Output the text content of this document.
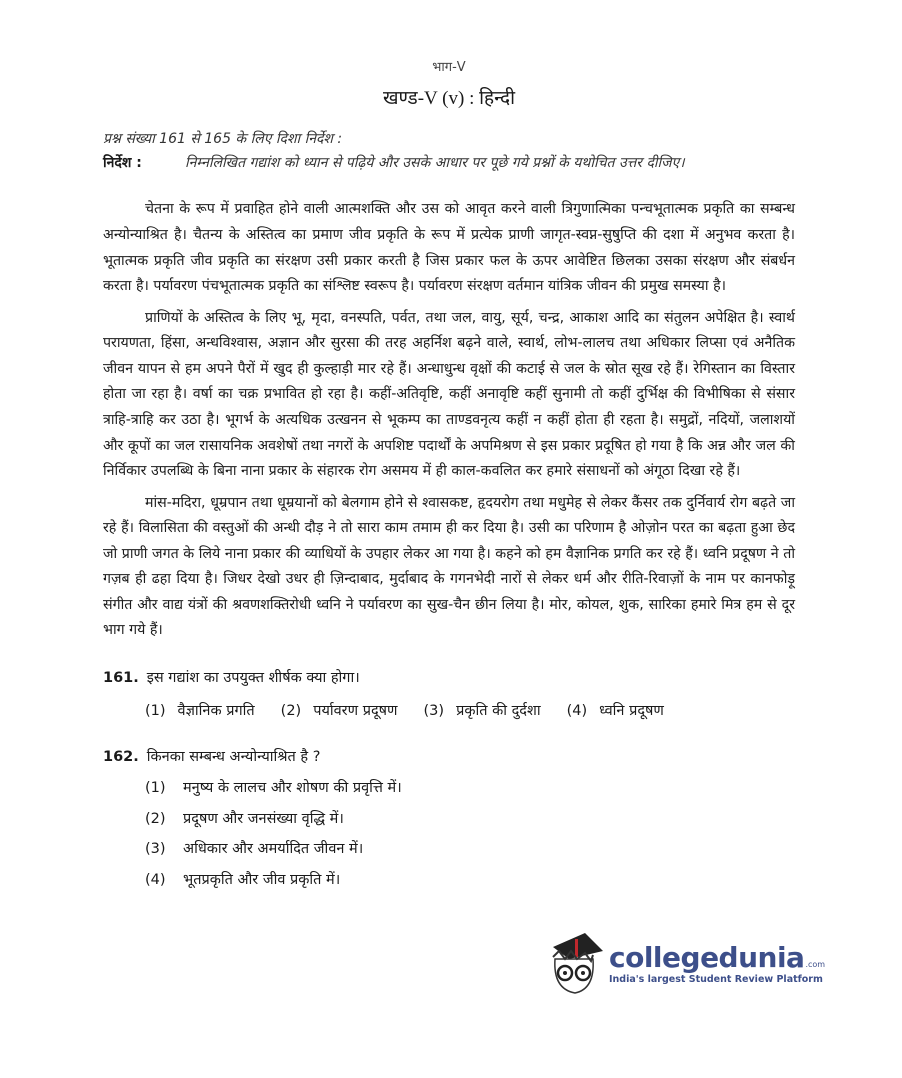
भाग-V
खण्ड-V (v) : हिन्दी
प्रश्न संख्या 161 से 165 के लिए दिशा निर्देश :
निर्देश :	निम्नलिखित गद्यांश को ध्यान से पढ़िये और उसके आधार पर पूछे गये प्रश्नों के यथोचित उत्तर दीजिए।

चेतना के रूप में प्रवाहित होने वाली आत्मशक्ति और उस को आवृत करने वाली त्रिगुणात्मिका पन्चभूतात्मक प्रकृति का सम्बन्ध अन्योन्याश्रित है। चैतन्य के अस्तित्व का प्रमाण जीव प्रकृति के रूप में प्रत्येक प्राणी जागृत-स्वप्न-सुषुप्ति की दशा में अनुभव करता है। भूतात्मक प्रकृति जीव प्रकृति का संरक्षण उसी प्रकार करती है जिस प्रकार फल के ऊपर आवेष्टित छिलका उसका संरक्षण और संबर्धन करता है। पर्यावरण पंचभूतात्मक प्रकृति का संश्लिष्ट स्वरूप है। पर्यावरण संरक्षण वर्तमान यांत्रिक जीवन की प्रमुख समस्या है।

प्राणियों के अस्तित्व के लिए भू, मृदा, वनस्पति, पर्वत, तथा जल, वायु, सूर्य, चन्द्र, आकाश आदि का संतुलन अपेक्षित है। स्वार्थ परायणता, हिंसा, अन्धविश्वास, अज्ञान और सुरसा की तरह अहर्निश बढ़ने वाले, स्वार्थ, लोभ-लालच तथा अधिकार लिप्सा एवं अनैतिक जीवन यापन से हम अपने पैरों में खुद ही कुल्हाड़ी मार रहे हैं। अन्धाधुन्ध वृक्षों की कटाई से जल के स्रोत सूख रहे हैं। रेगिस्तान का विस्तार होता जा रहा है। वर्षा का चक्र प्रभावित हो रहा है। कहीं-अतिवृष्टि, कहीं अनावृष्टि कहीं सुनामी तो कहीं दुर्भिक्ष की विभीषिका से संसार त्राहि-त्राहि कर उठा है। भूगर्भ के अत्यधिक उत्खनन से भूकम्प का ताण्डवनृत्य कहीं न कहीं होता ही रहता है। समुद्रों, नदियों, जलाशयों और कूपों का जल रासायनिक अवशेषों तथा नगरों के अपशिष्ट पदार्थों के अपमिश्रण से इस प्रकार प्रदूषित हो गया है कि अन्न और जल की निर्विकार उपलब्धि के बिना नाना प्रकार के संहारक रोग असमय में ही काल-कवलित कर हमारे संसाधनों को अंगूठा दिखा रहे हैं।

मांस-मदिरा, धूम्रपान तथा धूम्रयानों को बेलगाम होने से श्वासकष्ट, हृदयरोग तथा मधुमेह से लेकर कैंसर तक दुर्निवार्य रोग बढ़ते जा रहे हैं। विलासिता की वस्तुओं की अन्धी दौड़ ने तो सारा काम तमाम ही कर दिया है। उसी का परिणाम है ओज़ोन परत का बढ़ता हुआ छेद जो प्राणी जगत के लिये नाना प्रकार की व्याधियों के उपहार लेकर आ गया है। कहने को हम वैज्ञानिक प्रगति कर रहे हैं। ध्वनि प्रदूषण ने तो गज़ब ही ढहा दिया है। जिधर देखो उधर ही ज़िन्दाबाद, मुर्दाबाद के गगनभेदी नारों से लेकर धर्म और रीति-रिवाज़ों के नाम पर कानफोड़ू संगीत और वाद्य यंत्रों की श्रवणशक्तिरोधी ध्वनि ने पर्यावरण का सुख-चैन छीन लिया है। मोर, कोयल, शुक, सारिका हमारे मित्र हम से दूर भाग गये हैं।

161. इस गद्यांश का उपयुक्त शीर्षक क्या होगा।
(1) वैज्ञानिक प्रगति (2) पर्यावरण प्रदूषण (3) प्रकृति की दुर्दशा (4) ध्वनि प्रदूषण
162. किनका सम्बन्ध अन्योन्याश्रित है ?
(1)	मनुष्य के लालच और शोषण की प्रवृत्ति में।
(2)	प्रदूषण और जनसंख्या वृद्धि में।
(3)	अधिकार और अमर्यादित जीवन में।
(4)	भूतप्रकृति और जीव प्रकृति में।
collegedunia.com
India's largest Student Review Platform
